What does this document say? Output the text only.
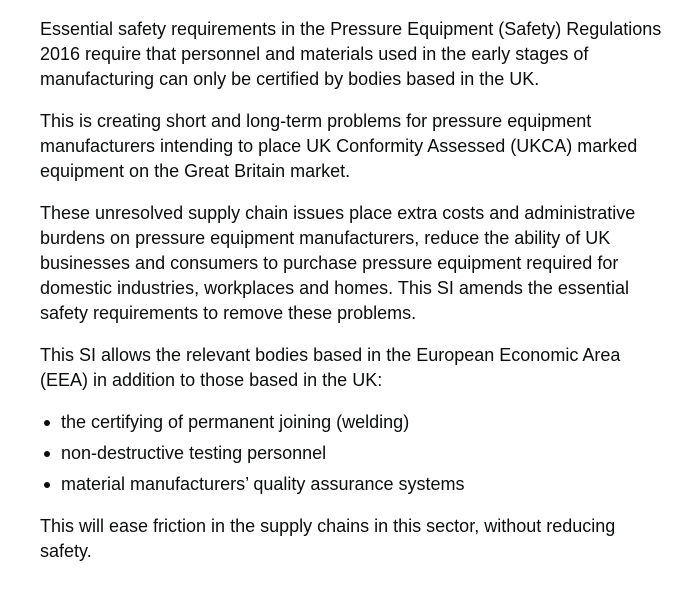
Essential safety requirements in the Pressure Equipment (Safety) Regulations 2016 require that personnel and materials used in the early stages of manufacturing can only be certified by bodies based in the UK.

This is creating short and long-term problems for pressure equipment manufacturers intending to place UK Conformity Assessed (UKCA) marked equipment on the Great Britain market.

These unresolved supply chain issues place extra costs and administrative burdens on pressure equipment manufacturers, reduce the ability of UK businesses and consumers to purchase pressure equipment required for domestic industries, workplaces and homes. This SI amends the essential safety requirements to remove these problems.

This SI allows the relevant bodies based in the European Economic Area (EEA) in addition to those based in the UK:

the certifying of permanent joining (welding)
non-destructive testing personnel
material manufacturers’ quality assurance systems

This will ease friction in the supply chains in this sector, without reducing safety.
